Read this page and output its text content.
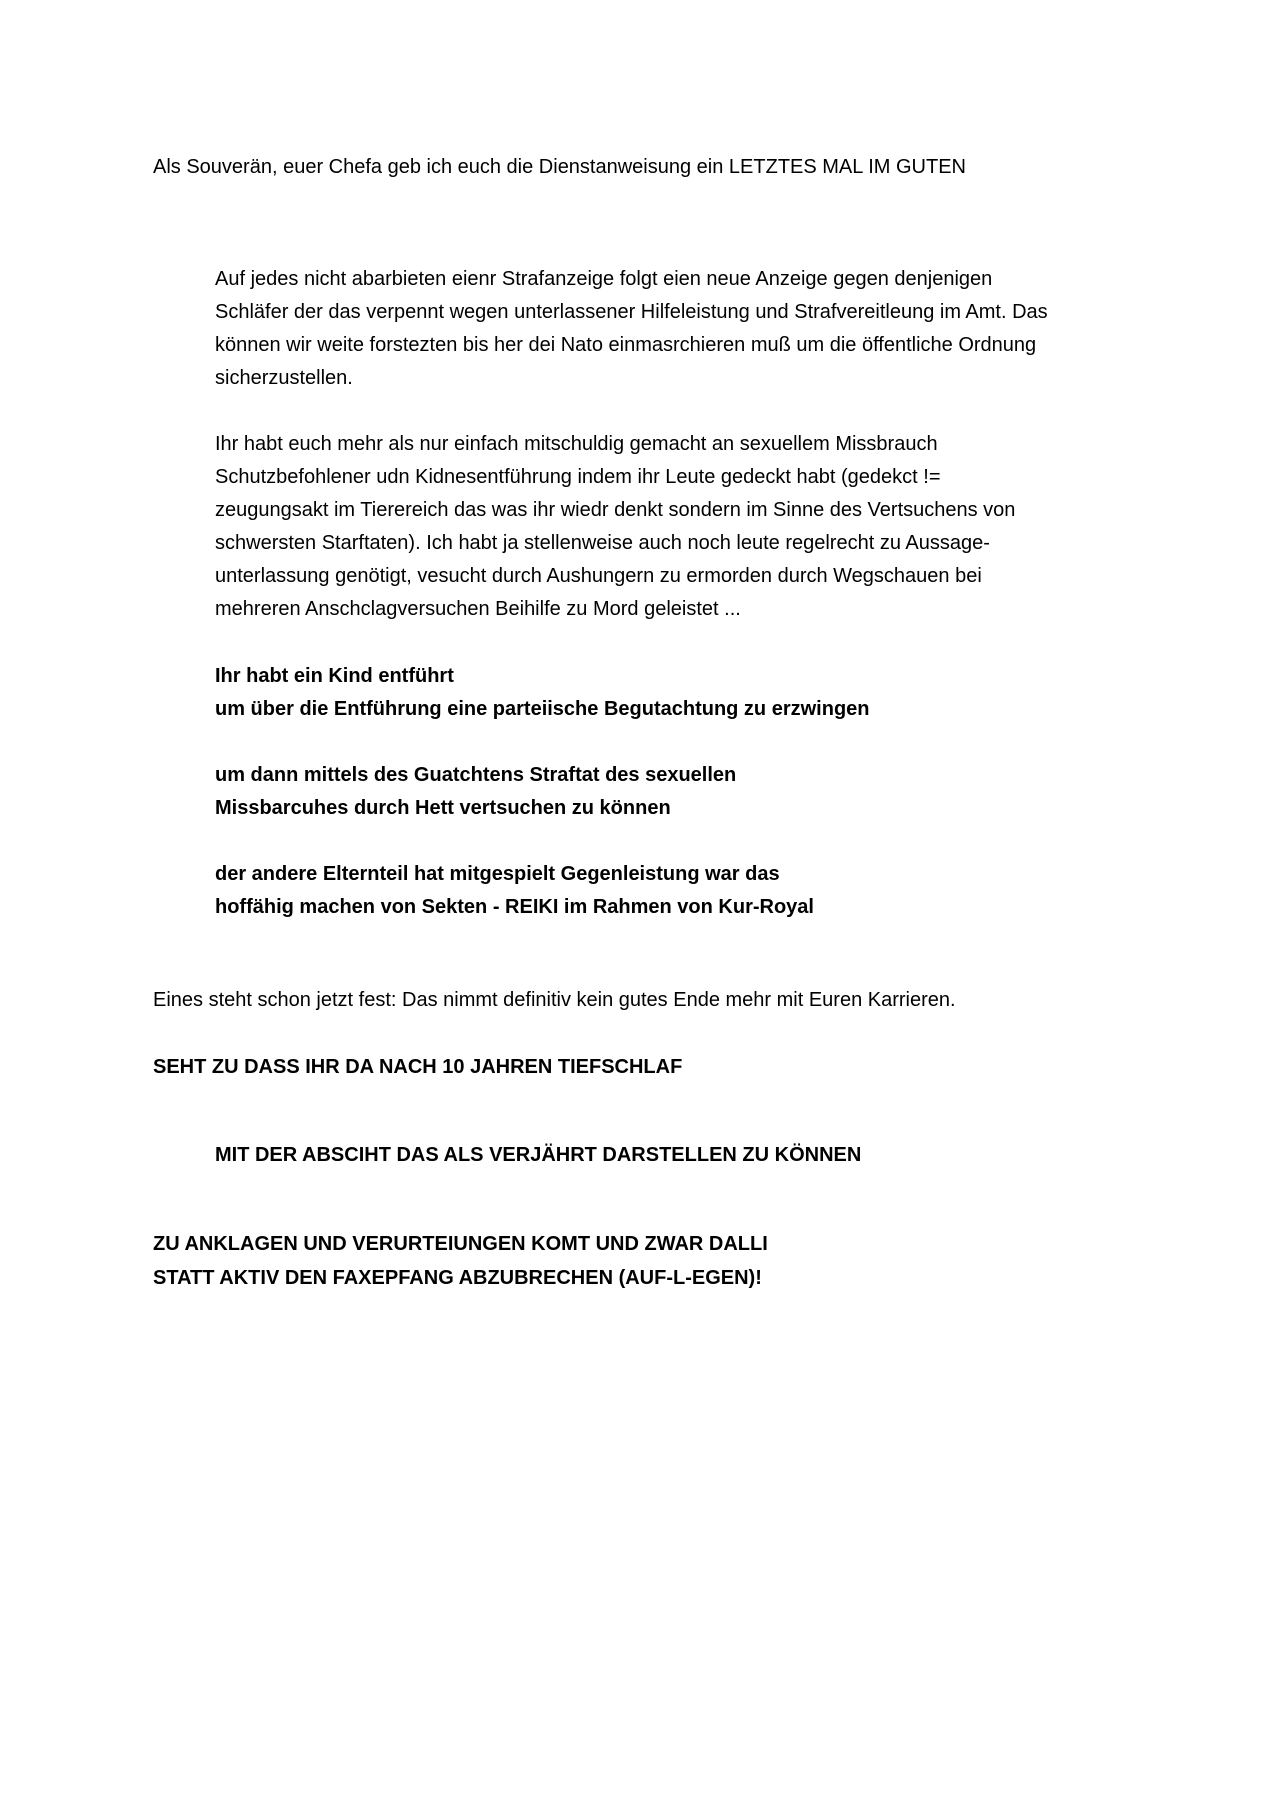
Als Souverän, euer Chefa geb ich euch die Dienstanweisung ein LETZTES MAL IM GUTEN
Auf jedes nicht abarbieten eienr Strafanzeige folgt eien neue Anzeige gegen denjenigen
Schläfer der das verpennt wegen unterlassener Hilfeleistung und Strafvereitleung im Amt. Das
können wir weite forstezten bis her dei Nato einmasrchieren muß um die öffentliche Ordnung
sicherzustellen.
Ihr habt euch mehr als nur einfach mitschuldig gemacht an sexuellem Missbrauch
Schutzbefohlener udn Kidnesentführung indem ihr Leute gedeckt habt (gedekct !=
zeugungsakt im Tierereich das was ihr wiedr denkt sondern im Sinne des Vertsuchens von
schwersten Starftaten). Ich habt ja stellenweise auch noch leute regelrecht zu Aussage-
unterlassung genötigt, vesucht durch Aushungern zu ermorden durch Wegschauen bei
mehreren Anschclagversuchen Beihilfe zu Mord geleistet ...
Ihr habt ein Kind entführt
um über die Entführung eine parteiische Begutachtung zu erzwingen
um dann mittels des Guatchtens Straftat des sexuellen
Missbarcuhes durch Hett vertsuchen zu können
der andere Elternteil hat mitgespielt Gegenleistung war das
hoffähig machen von Sekten - REIKI im Rahmen von Kur-Royal
Eines steht schon jetzt fest: Das nimmt definitiv kein gutes Ende mehr mit Euren Karrieren.
SEHT ZU DASS IHR DA NACH 10 JAHREN TIEFSCHLAF
MIT DER ABSCIHT DAS ALS VERJÄHRT DARSTELLEN ZU KÖNNEN
ZU ANKLAGEN UND VERURTEIUNGEN KOMT UND ZWAR DALLI
STATT AKTIV DEN FAXEPFANG ABZUBRECHEN (AUF-L-EGEN)!
